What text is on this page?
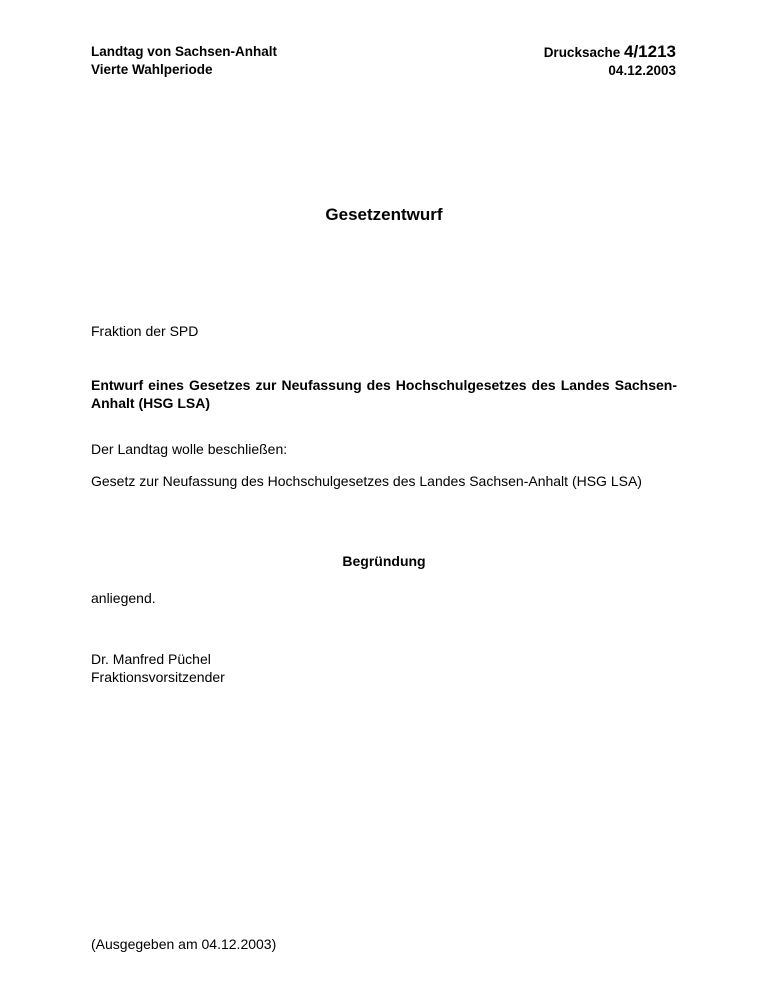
Landtag von Sachsen-Anhalt
Vierte Wahlperiode
Drucksache 4/1213
04.12.2003
Gesetzentwurf
Fraktion der SPD
Entwurf eines Gesetzes zur Neufassung des Hochschulgesetzes des Landes Sachsen-Anhalt (HSG LSA)
Der Landtag wolle beschließen:
Gesetz zur Neufassung des Hochschulgesetzes des Landes Sachsen-Anhalt (HSG LSA)
Begründung
anliegend.
Dr. Manfred Püchel
Fraktionsvorsitzender
(Ausgegeben am 04.12.2003)
